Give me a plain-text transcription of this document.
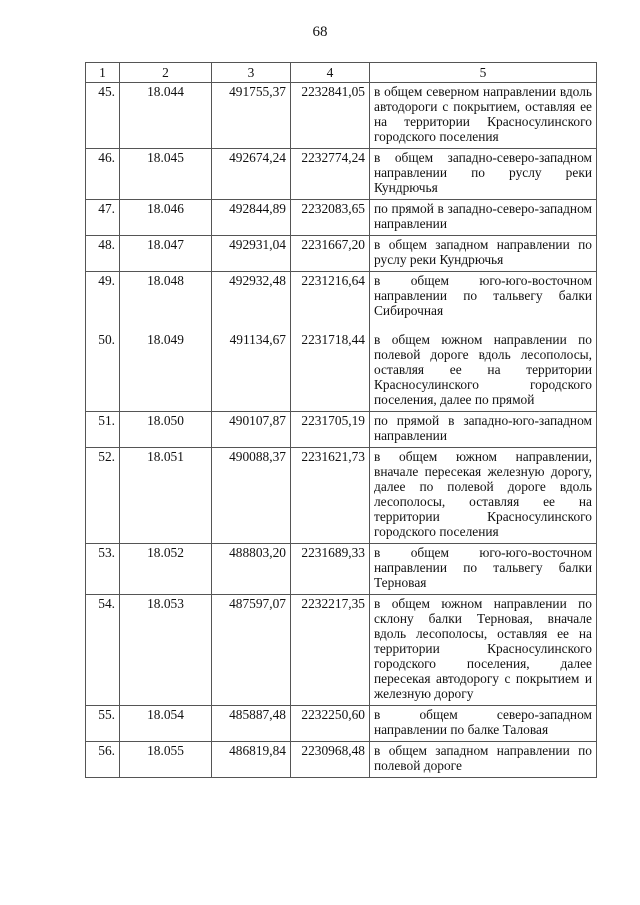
68
1	2	3	4	5
45.	18.044	491755,37	2232841,05	в общем северном направлении вдоль автодороги с покрытием, оставляя ее на территории Красносулинского городского поселения
46.	18.045	492674,24	2232774,24	в общем западно-северо-западном направлении по руслу реки Кундрючья
47.	18.046	492844,89	2232083,65	по прямой в западно-северо-западном направлении
48.	18.047	492931,04	2231667,20	в общем западном направлении по руслу реки Кундрючья
49.	18.048	492932,48	2231216,64	в общем юго-юго-восточном направлении по тальвегу балки Сибирочная
50.	18.049	491134,67	2231718,44	в общем южном направлении по полевой дороге вдоль лесополосы, оставляя ее на территории Красносулинского городского поселения, далее по прямой
51.	18.050	490107,87	2231705,19	по прямой в западно-юго-западном направлении
52.	18.051	490088,37	2231621,73	в общем южном направлении, вначале пересекая железную дорогу, далее по полевой дороге вдоль лесополосы, оставляя ее на территории Красносулинского городского поселения
53.	18.052	488803,20	2231689,33	в общем юго-юго-восточном направлении по тальвегу балки Терновая
54.	18.053	487597,07	2232217,35	в общем южном направлении по склону балки Терновая, вначале вдоль лесополосы, оставляя ее на территории Красносулинского городского поселения, далее пересекая автодорогу с покрытием и железную дорогу
55.	18.054	485887,48	2232250,60	в общем северо-западном направлении по балке Таловая
56.	18.055	486819,84	2230968,48	в общем западном направлении по полевой дороге
